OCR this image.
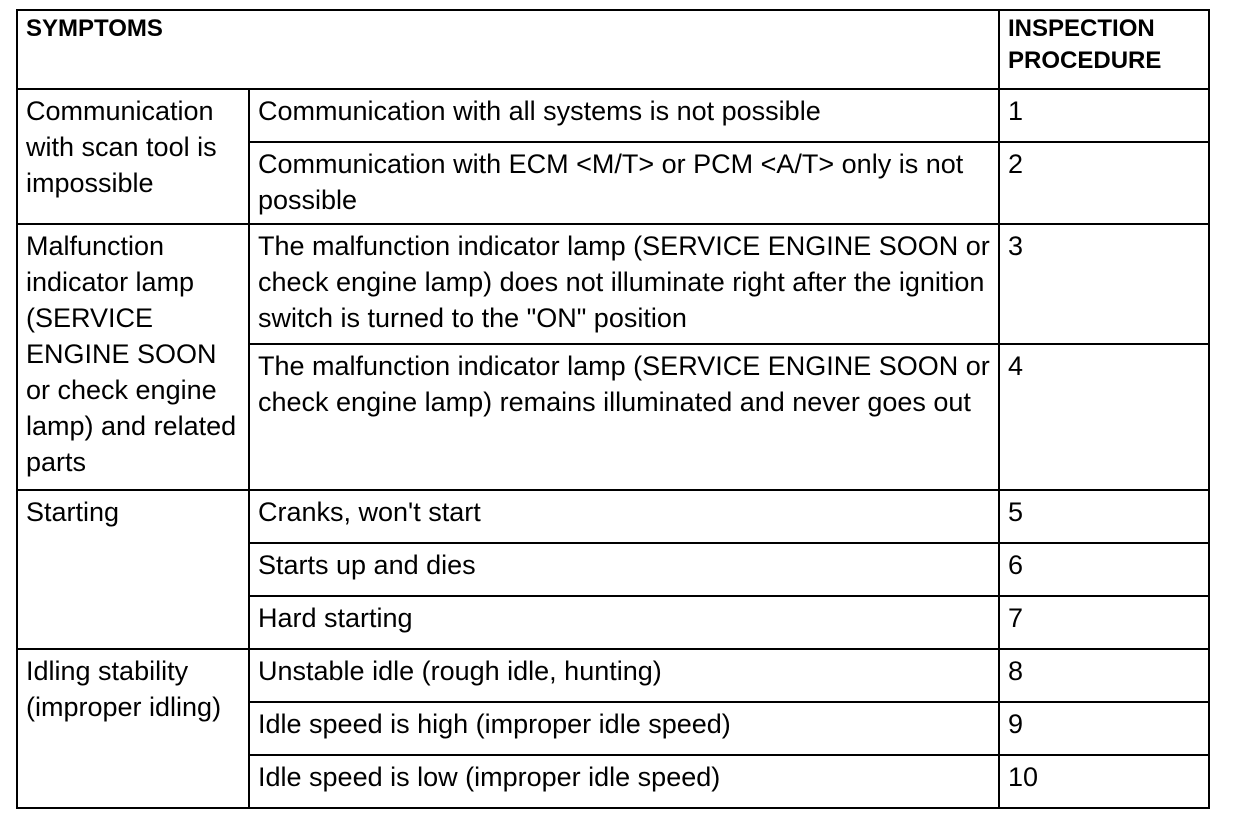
SYMPTOMS		INSPECTION PROCEDURE
Communication with scan tool is impossible	Communication with all systems is not possible	1
	Communication with ECM <M/T> or PCM <A/T> only is not possible	2
Malfunction indicator lamp (SERVICE ENGINE SOON or check engine lamp) and related parts	The malfunction indicator lamp (SERVICE ENGINE SOON or check engine lamp) does not illuminate right after the ignition switch is turned to the "ON" position	3
	The malfunction indicator lamp (SERVICE ENGINE SOON or check engine lamp) remains illuminated and never goes out	4
Starting	Cranks, won't start	5
	Starts up and dies	6
	Hard starting	7
Idling stability (improper idling)	Unstable idle (rough idle, hunting)	8
	Idle speed is high (improper idle speed)	9
	Idle speed is low (improper idle speed)	10
